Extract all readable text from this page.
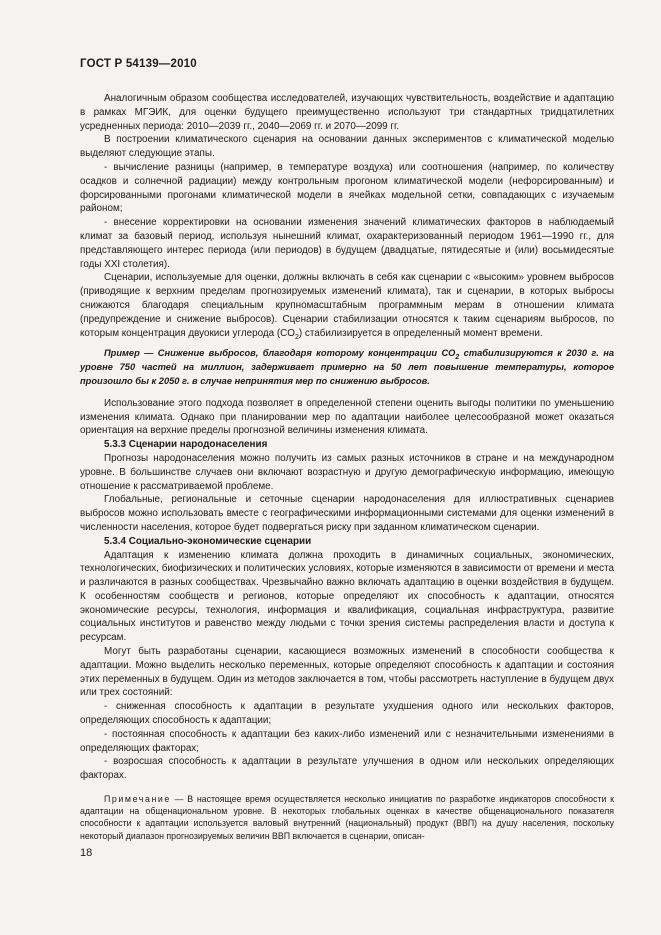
ГОСТ Р 54139—2010

Аналогичным образом сообщества исследователей, изучающих чувствительность, воздействие и адаптацию в рамках МГЭИК, для оценки будущего преимущественно используют три стандартных тридцатилетних усредненных периода: 2010—2039 гг., 2040—2069 гг. и 2070—2099 гг.

В построении климатического сценария на основании данных экспериментов с климатической моделью выделяют следующие этапы.

- вычисление разницы (например, в температуре воздуха) или соотношения (например, по количеству осадков и солнечной радиации) между контрольным прогоном климатической модели (нефорсированным) и форсированными прогонами климатической модели в ячейках модельной сетки, совпадающих с изучаемым районом;

- внесение корректировки на основании изменения значений климатических факторов в наблюдаемый климат за базовый период, используя нынешний климат, охарактеризованный периодом 1961—1990 гг., для представляющего интерес периода (или периодов) в будущем (двадцатые, пятидесятые и (или) восьмидесятые годы XXI столетия).

Сценарии, используемые для оценки, должны включать в себя как сценарии с «высоким» уровнем выбросов (приводящие к верхним пределам прогнозируемых изменений климата), так и сценарии, в которых выбросы снижаются благодаря специальным крупномасштабным программным мерам в отношении климата (предупреждение и снижение выбросов). Сценарии стабилизации относятся к таким сценариям выбросов, по которым концентрация двуокиси углерода $(CO_2)$ стабилизируется в определенный момент времени.

Пример — Снижение выбросов, благодаря которому концентрации $CO_2$ стабилизируются к 2030 г. на уровне 750 частей на миллион, задерживает примерно на 50 лет повышение температуры, которое произошло бы к 2050 г. в случае непринятия мер по снижению выбросов.

Использование этого подхода позволяет в определенной степени оценить выгоды политики по уменьшению изменения климата. Однако при планировании мер по адаптации наиболее целесообразной может оказаться ориентация на верхние пределы прогнозной величины изменения климата.

5.3.3 Сценарии народонаселения

Прогнозы народонаселения можно получить из самых разных источников в стране и на международном уровне. В большинстве случаев они включают возрастную и другую демографическую информацию, имеющую отношение к рассматриваемой проблеме.

Глобальные, региональные и сеточные сценарии народонаселения для иллюстративных сценариев выбросов можно использовать вместе с географическими информационными системами для оценки изменений в численности населения, которое будет подвергаться риску при заданном климатическом сценарии.

5.3.4 Социально-экономические сценарии

Адаптация к изменению климата должна проходить в динамичных социальных, экономических, технологических, биофизических и политических условиях, которые изменяются в зависимости от времени и места и различаются в разных сообществах. Чрезвычайно важно включать адаптацию в оценки воздействия в будущем. К особенностям сообществ и регионов, которые определяют их способность к адаптации, относятся экономические ресурсы, технология, информация и квалификация, социальная инфраструктура, развитие социальных институтов и равенство между людьми с точки зрения системы распределения власти и доступа к ресурсам.

Могут быть разработаны сценарии, касающиеся возможных изменений в способности сообщества к адаптации. Можно выделить несколько переменных, которые определяют способность к адаптации и состояния этих переменных в будущем. Один из методов заключается в том, чтобы рассмотреть наступление в будущем двух или трех состояний:

- сниженная способность к адаптации в результате ухудшения одного или нескольких факторов, определяющих способность к адаптации;

- постоянная способность к адаптации без каких-либо изменений или с незначительными изменениями в определяющих факторах;

- возросшая способность к адаптации в результате улучшения в одном или нескольких определяющих факторах.

Примечание — В настоящее время осуществляется несколько инициатив по разработке индикаторов способности к адаптации на общенациональном уровне. В некоторых глобальных оценках в качестве общенационального показателя способности к адаптации используется валовый внутренний (национальный) продукт (ВВП) на душу населения, поскольку некоторый диапазон прогнозируемых величин ВВП включается в сценарии, описан-

18
